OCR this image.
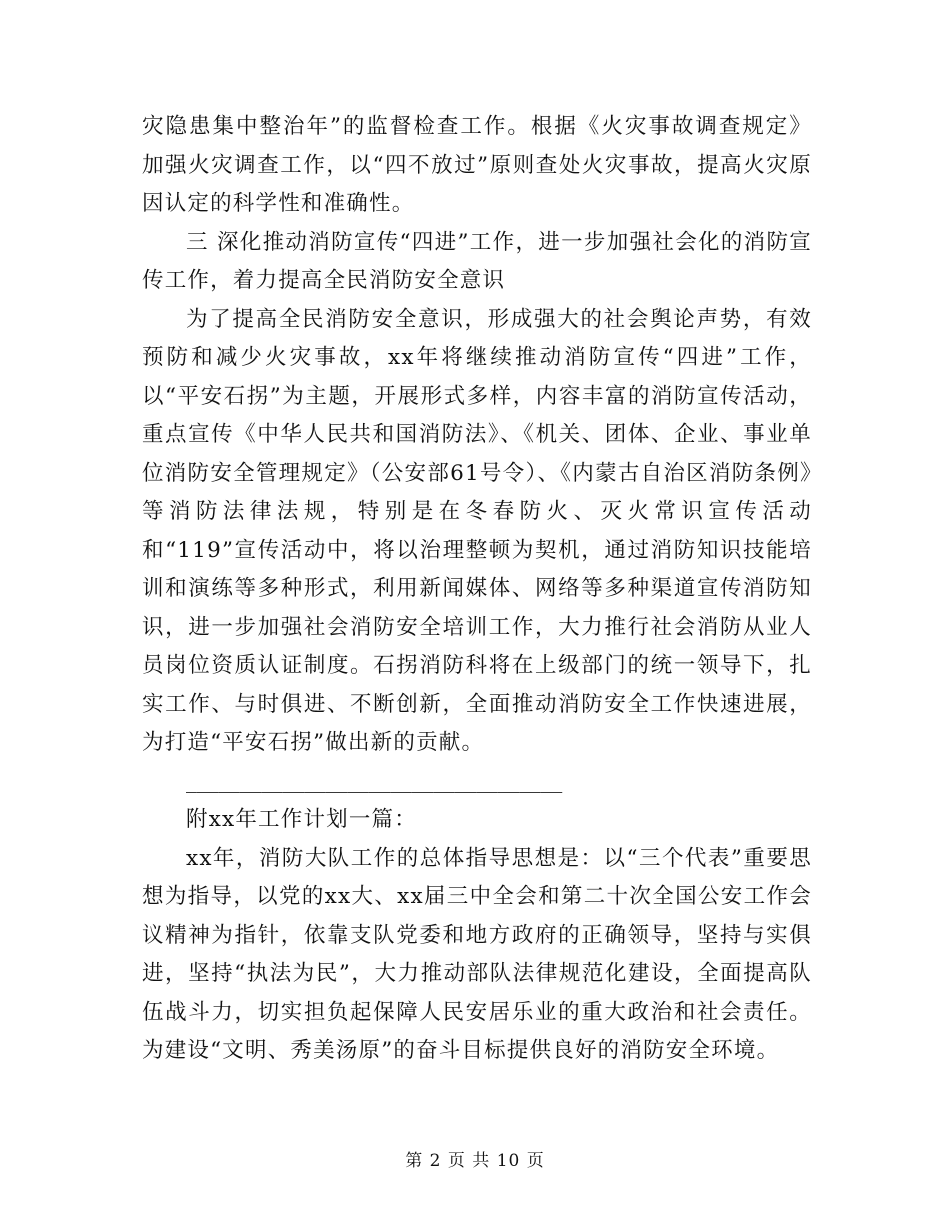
灾隐患集中整治年”的监督检查工作。根据《火灾事故调查规定》加强火灾调查工作，以“四不放过”原则查处火灾事故，提高火灾原因认定的科学性和准确性。

三 深化推动消防宣传“四进”工作，进一步加强社会化的消防宣传工作，着力提高全民消防安全意识

为了提高全民消防安全意识，形成强大的社会舆论声势，有效预防和减少火灾事故，xx年将继续推动消防宣传“四进”工作，以“平安石拐”为主题，开展形式多样，内容丰富的消防宣传活动，重点宣传《中华人民共和国消防法》、《机关、团体、企业、事业单位消防安全管理规定》（公安部61号令）、《内蒙古自治区消防条例》等消防法律法规，特别是在冬春防火、灭火常识宣传活动和“119”宣传活动中，将以治理整顿为契机，通过消防知识技能培训和演练等多种形式，利用新闻媒体、网络等多种渠道宣传消防知识，进一步加强社会消防安全培训工作，大力推行社会消防从业人员岗位资质认证制度。石拐消防科将在上级部门的统一领导下，扎实工作、与时俱进、不断创新，全面推动消防安全工作快速进展，为打造“平安石拐”做出新的贡献。

___________________________________

附xx年工作计划一篇：

xx年，消防大队工作的总体指导思想是：以“三个代表”重要思想为指导，以党的xx大、xx届三中全会和第二十次全国公安工作会议精神为指针，依靠支队党委和地方政府的正确领导，坚持与实俱进，坚持“执法为民”，大力推动部队法律规范化建设，全面提高队伍战斗力，切实担负起保障人民安居乐业的重大政治和社会责任。为建设“文明、秀美汤原”的奋斗目标提供良好的消防安全环境。

第 2 页 共 10 页
